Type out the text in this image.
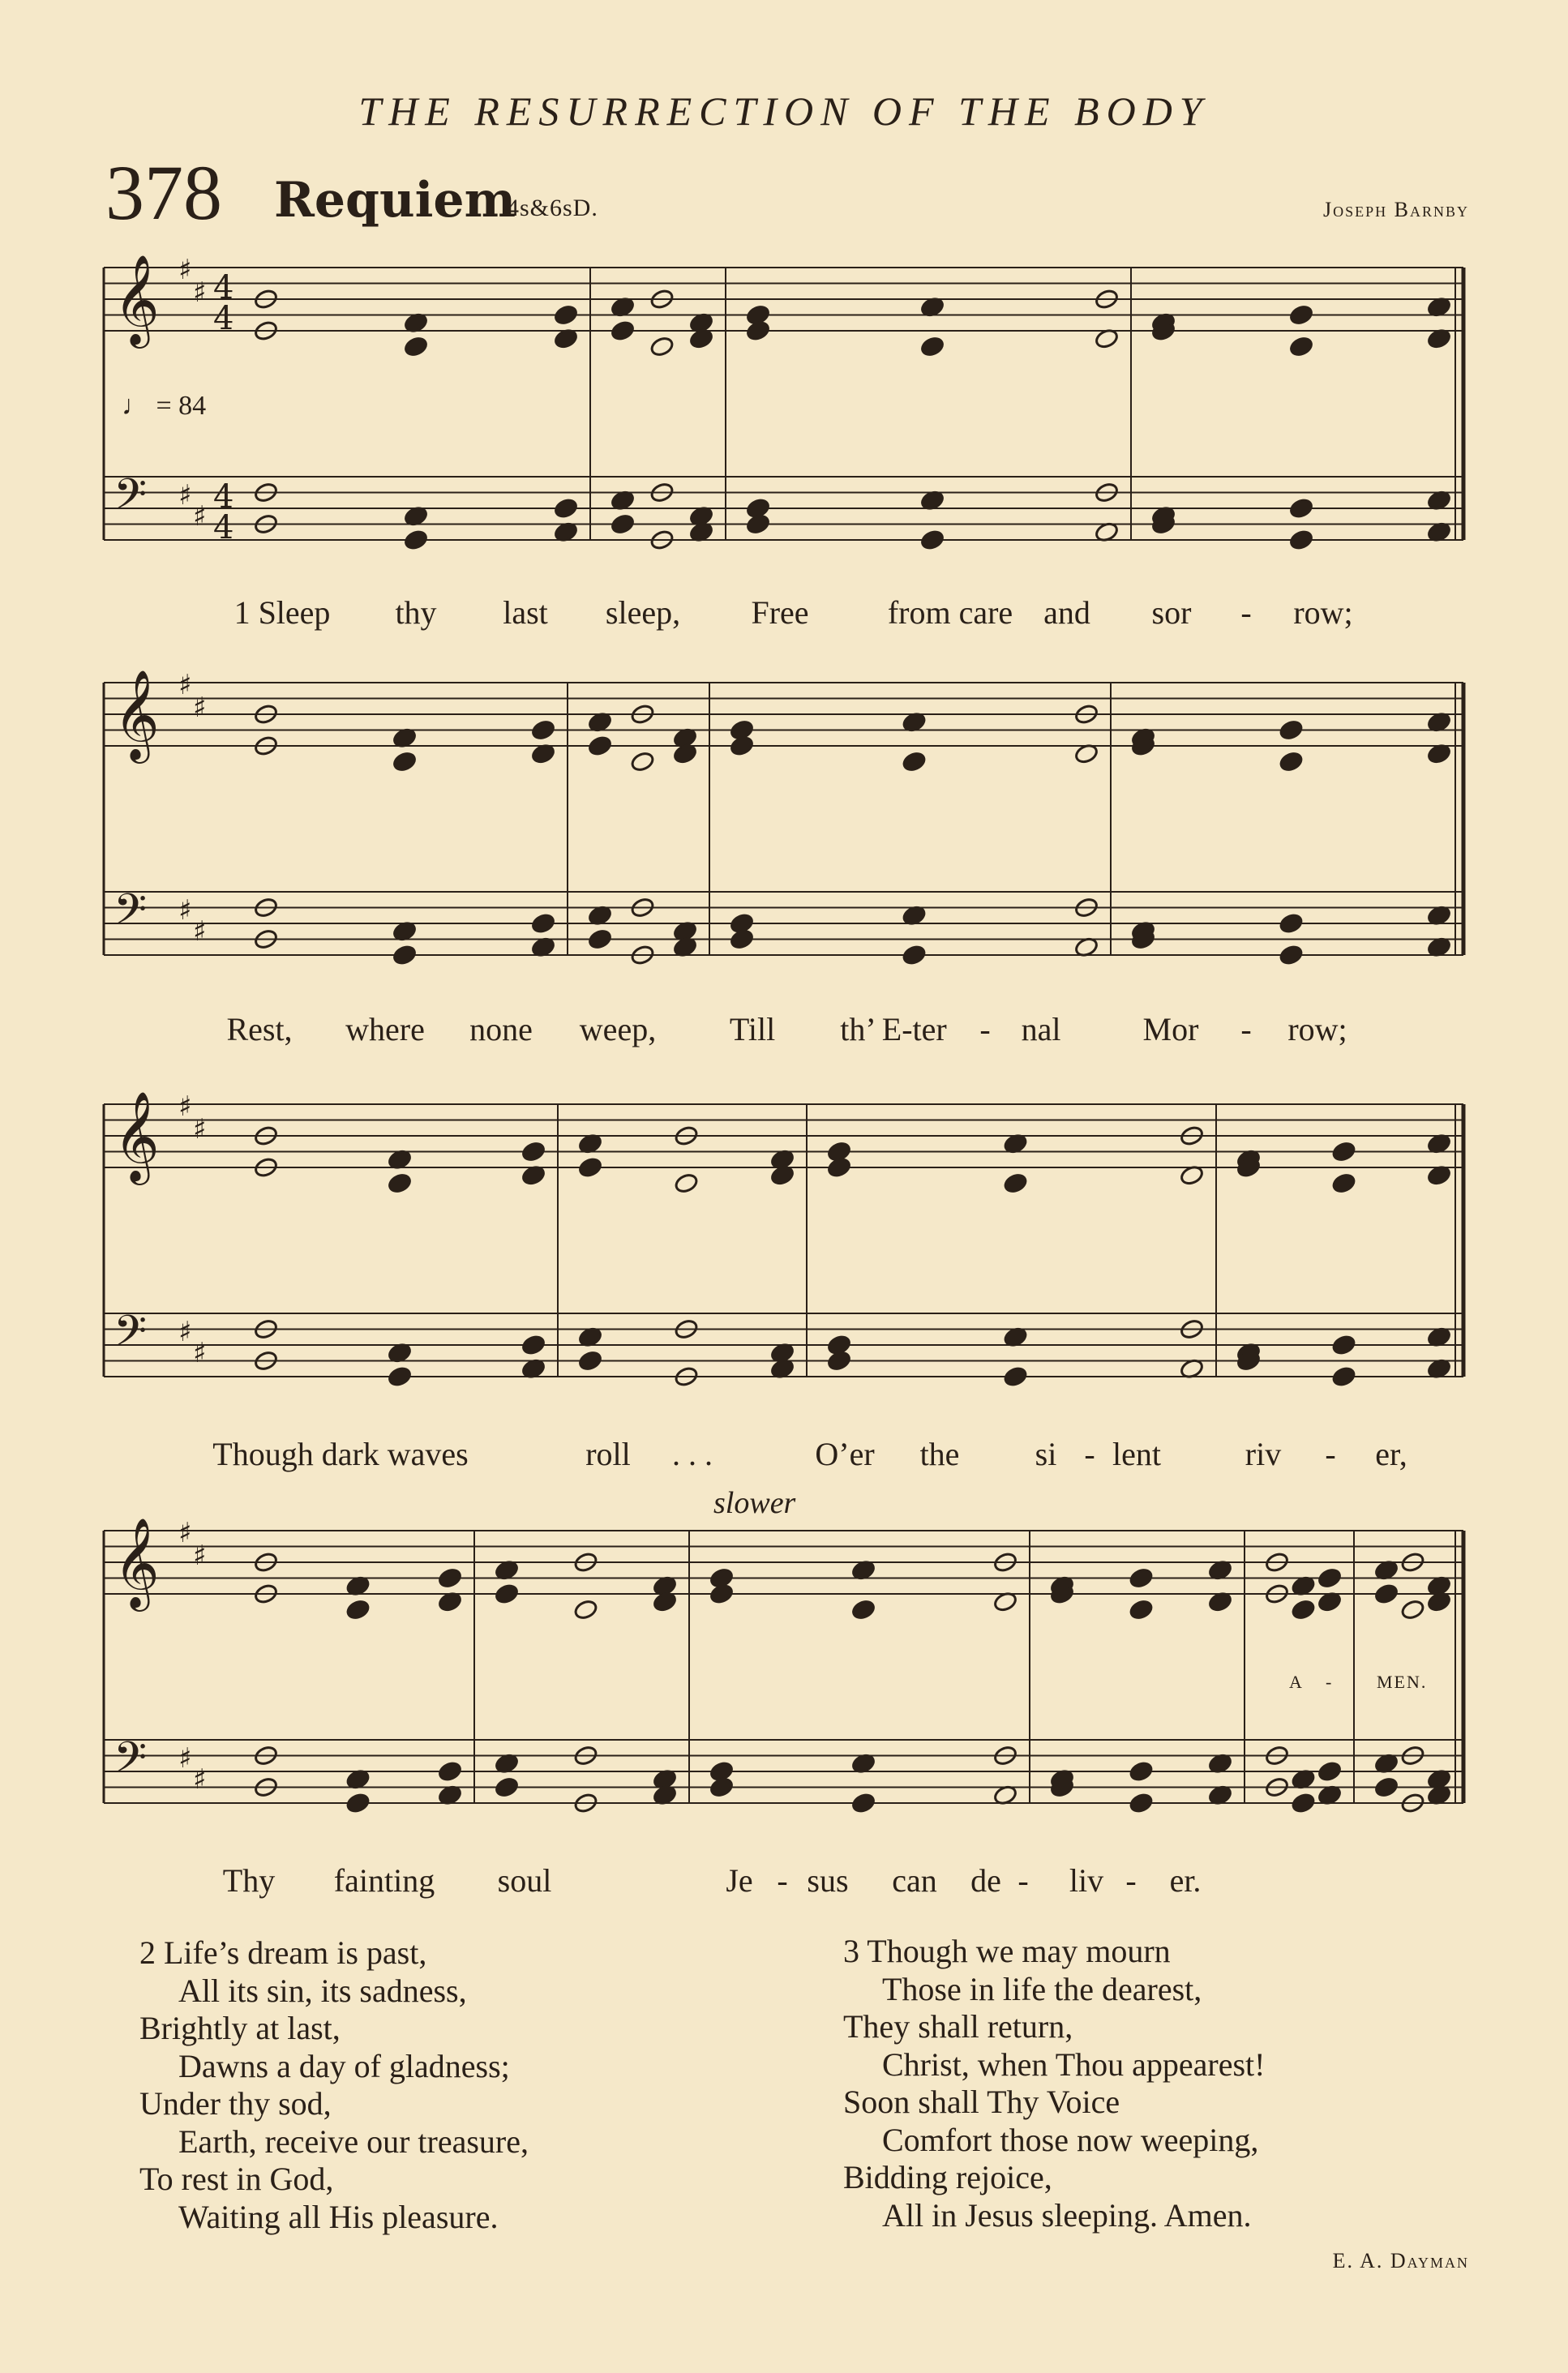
THE RESURRECTION OF THE BODY
378 Requiem
4s&6sD.	Joseph Barnby
♩ = 84
slower
𝄞 ♯
♯ 4
4
𝄢 ♯
♯
4
4
𝄞 ♯
♯
𝄢 ♯
♯
𝄞 ♯
♯
𝄢 ♯
♯
𝄞 ♯
♯
𝄢 ♯
♯
1 Sleep thy last sleep, Free from care and sor - row;
Rest, where none weep, Till th’ E-ter - nal	Mor - row;
Though dark waves	roll . . .	O’er the si - lent	riv - er,
Thy fainting soul	Je - sus can de - liv - er.
A - MEN.
2 Life’s dream is past,
All its sin, its sadness,
Brightly at last,
Dawns a day of gladness;
Under thy sod,
Earth, receive our treasure,
To rest in God,
Waiting all His pleasure.
3 Though we may mourn
Those in life the dearest,
They shall return,
Christ, when Thou appearest!
Soon shall Thy Voice
Comfort those now weeping,
Bidding rejoice,
All in Jesus sleeping. Amen.
E. A. Dayman
